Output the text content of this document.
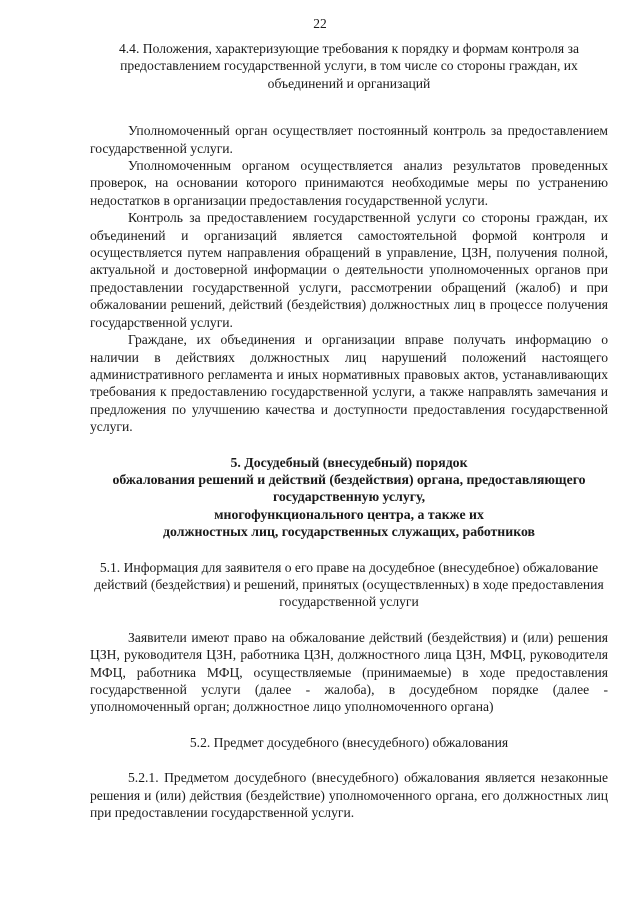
22

4.4. Положения, характеризующие требования к порядку и формам контроля за предоставлением государственной услуги, в том числе со стороны граждан, их объединений и организаций

Уполномоченный орган осуществляет постоянный контроль за предоставлением государственной услуги.

Уполномоченным органом осуществляется анализ результатов проведенных проверок, на основании которого принимаются необходимые меры по устранению недостатков в организации предоставления государственной услуги.

Контроль за предоставлением государственной услуги со стороны граждан, их объединений и организаций является самостоятельной формой контроля и осуществляется путем направления обращений в управление, ЦЗН, получения полной, актуальной и достоверной информации о деятельности уполномоченных органов при предоставлении государственной услуги, рассмотрении обращений (жалоб) и при обжаловании решений, действий (бездействия) должностных лиц в процессе получения государственной услуги.

Граждане, их объединения и организации вправе получать информацию о наличии в действиях должностных лиц нарушений положений настоящего административного регламента и иных нормативных правовых актов, устанавливающих требования к предоставлению государственной услуги, а также направлять замечания и предложения по улучшению качества и доступности предоставления государственной услуги.

5. Досудебный (внесудебный) порядок

обжалования решений и действий (бездействия) органа, предоставляющего государственную услугу,

многофункционального центра, а также их

должностных лиц, государственных служащих, работников

5.1. Информация для заявителя о его праве на досудебное (внесудебное) обжалование действий (бездействия) и решений, принятых (осуществленных) в ходе предоставления государственной услуги

Заявители имеют право на обжалование действий (бездействия) и (или) решения ЦЗН, руководителя ЦЗН, работника ЦЗН, должностного лица ЦЗН, МФЦ, руководителя МФЦ, работника МФЦ, осуществляемые (принимаемые) в ходе предоставления государственной услуги (далее - жалоба), в досудебном порядке (далее - уполномоченный орган; должностное лицо уполномоченного органа)

5.2. Предмет досудебного (внесудебного) обжалования

5.2.1. Предметом досудебного (внесудебного) обжалования является незаконные решения и (или) действия (бездействие) уполномоченного органа, его должностных лиц при предоставлении государственной услуги.
